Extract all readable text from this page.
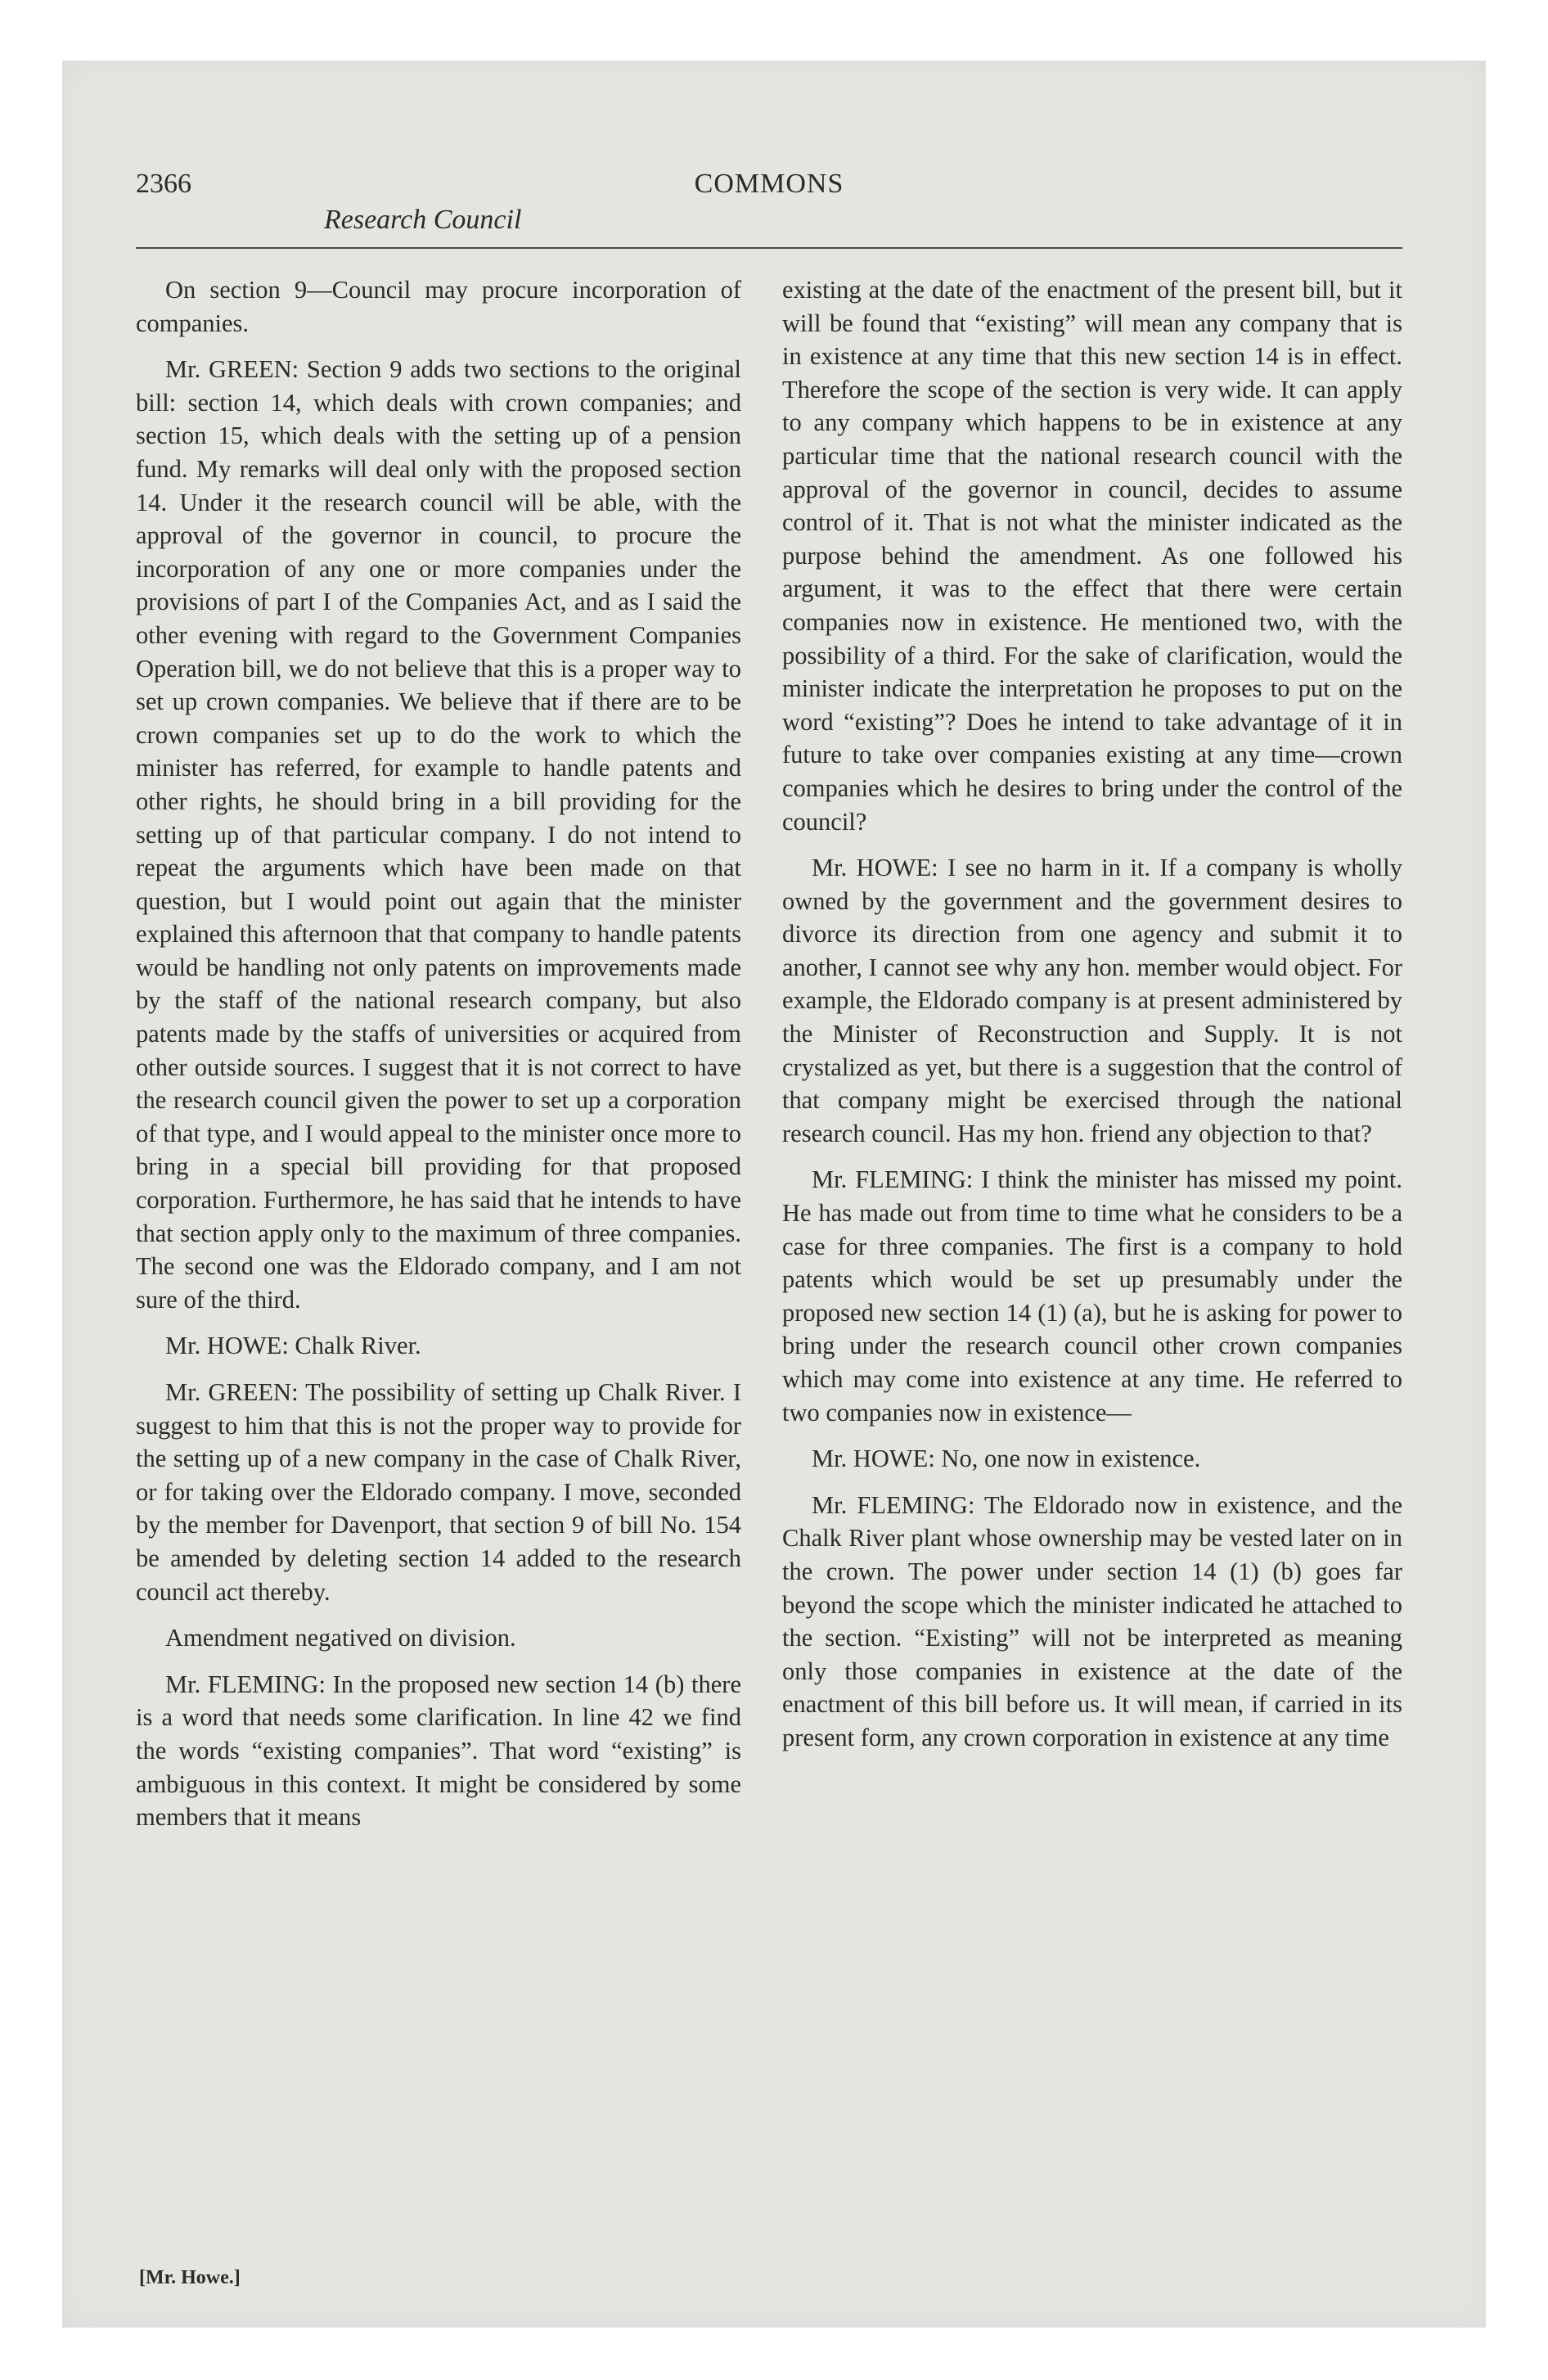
2366	COMMONS
Research Council

On section 9—Council may procure incorporation of companies.

Mr. GREEN: Section 9 adds two sections to the original bill: section 14, which deals with crown companies; and section 15, which deals with the setting up of a pension fund. My remarks will deal only with the proposed section 14. Under it the research council will be able, with the approval of the governor in council, to procure the incorporation of any one or more companies under the provisions of part I of the Companies Act, and as I said the other evening with regard to the Government Companies Operation bill, we do not believe that this is a proper way to set up crown companies. We believe that if there are to be crown companies set up to do the work to which the minister has referred, for example to handle patents and other rights, he should bring in a bill providing for the setting up of that particular company. I do not intend to repeat the arguments which have been made on that question, but I would point out again that the minister explained this afternoon that that company to handle patents would be handling not only patents on improvements made by the staff of the national research company, but also patents made by the staffs of universities or acquired from other outside sources. I suggest that it is not correct to have the research council given the power to set up a corporation of that type, and I would appeal to the minister once more to bring in a special bill providing for that proposed corporation. Furthermore, he has said that he intends to have that section apply only to the maximum of three companies. The second one was the Eldorado company, and I am not sure of the third.

Mr. HOWE: Chalk River.

Mr. GREEN: The possibility of setting up Chalk River. I suggest to him that this is not the proper way to provide for the setting up of a new company in the case of Chalk River, or for taking over the Eldorado company. I move, seconded by the member for Davenport, that section 9 of bill No. 154 be amended by deleting section 14 added to the research council act thereby.

Amendment negatived on division.

Mr. FLEMING: In the proposed new section 14 (b) there is a word that needs some clarification. In line 42 we find the words “existing companies”. That word “existing” is ambiguous in this context. It might be considered by some members that it means

existing at the date of the enactment of the present bill, but it will be found that “existing” will mean any company that is in existence at any time that this new section 14 is in effect. Therefore the scope of the section is very wide. It can apply to any company which happens to be in existence at any particular time that the national research council with the approval of the governor in council, decides to assume control of it. That is not what the minister indicated as the purpose behind the amendment. As one followed his argument, it was to the effect that there were certain companies now in existence. He mentioned two, with the possibility of a third. For the sake of clarification, would the minister indicate the interpretation he proposes to put on the word “existing”? Does he intend to take advantage of it in future to take over companies existing at any time—crown companies which he desires to bring under the control of the council?

Mr. HOWE: I see no harm in it. If a company is wholly owned by the government and the government desires to divorce its direction from one agency and submit it to another, I cannot see why any hon. member would object. For example, the Eldorado company is at present administered by the Minister of Reconstruction and Supply. It is not crystalized as yet, but there is a suggestion that the control of that company might be exercised through the national research council. Has my hon. friend any objection to that?

Mr. FLEMING: I think the minister has missed my point. He has made out from time to time what he considers to be a case for three companies. The first is a company to hold patents which would be set up presumably under the proposed new section 14 (1) (a), but he is asking for power to bring under the research council other crown companies which may come into existence at any time. He referred to two companies now in existence—

Mr. HOWE: No, one now in existence.

Mr. FLEMING: The Eldorado now in existence, and the Chalk River plant whose ownership may be vested later on in the crown. The power under section 14 (1) (b) goes far beyond the scope which the minister indicated he attached to the section. “Existing” will not be interpreted as meaning only those companies in existence at the date of the enactment of this bill before us. It will mean, if carried in its present form, any crown corporation in existence at any time

[Mr. Howe.]
